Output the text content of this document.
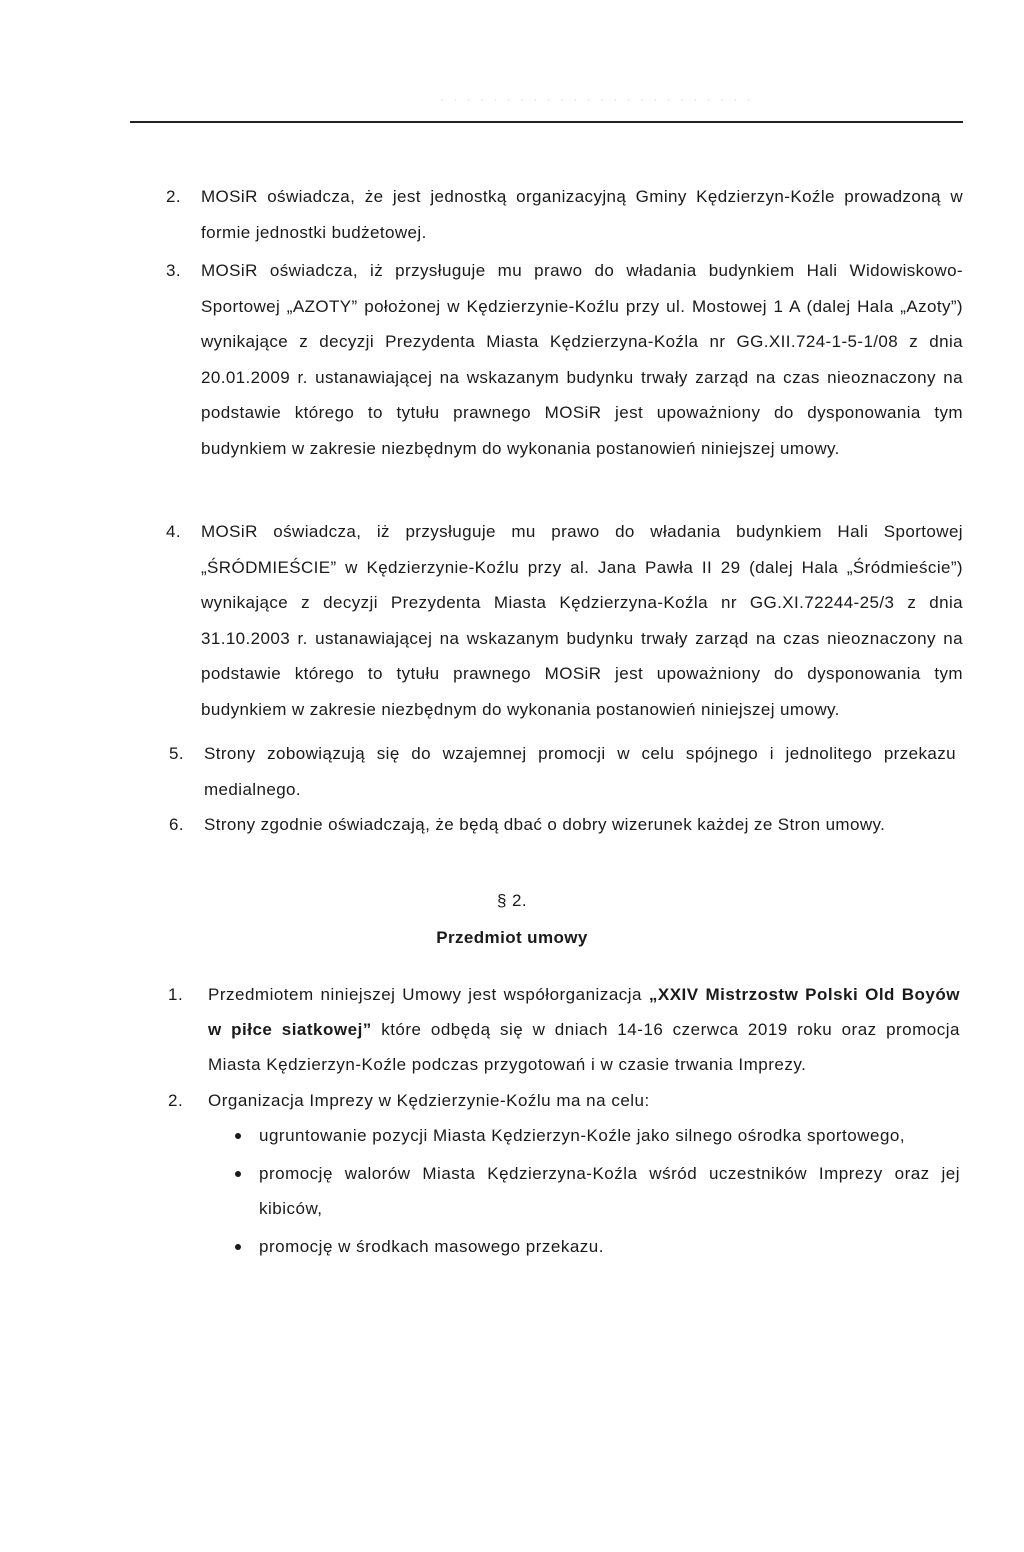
· · · · · · · · · · · · · · · · · · · · · · · ·
2. MOSiR oświadcza, że jest jednostką organizacyjną Gminy Kędzierzyn-Koźle prowadzoną w formie jednostki budżetowej.
3. MOSiR oświadcza, iż przysługuje mu prawo do władania budynkiem Hali Widowiskowo-Sportowej „AZOTY” położonej w Kędzierzynie-Koźlu przy ul. Mostowej 1 A (dalej Hala „Azoty”) wynikające z decyzji Prezydenta Miasta Kędzierzyna-Koźla nr GG.XII.724-1-5-1/08 z dnia 20.01.2009 r. ustanawiającej na wskazanym budynku trwały zarząd na czas nieoznaczony na podstawie którego to tytułu prawnego MOSiR jest upoważniony do dysponowania tym budynkiem w zakresie niezbędnym do wykonania postanowień niniejszej umowy.
4. MOSiR oświadcza, iż przysługuje mu prawo do władania budynkiem Hali Sportowej „ŚRÓDMIEŚCIE” w Kędzierzynie-Koźlu przy al. Jana Pawła II 29 (dalej Hala „Śródmieście”) wynikające z decyzji Prezydenta Miasta Kędzierzyna-Koźla nr GG.XI.72244-25/3 z dnia 31.10.2003 r. ustanawiającej na wskazanym budynku trwały zarząd na czas nieoznaczony na podstawie którego to tytułu prawnego MOSiR jest upoważniony do dysponowania tym budynkiem w zakresie niezbędnym do wykonania postanowień niniejszej umowy.
5. Strony zobowiązują się do wzajemnej promocji w celu spójnego i jednolitego przekazu medialnego.
6. Strony zgodnie oświadczają, że będą dbać o dobry wizerunek każdej ze Stron umowy.
§ 2.
Przedmiot umowy
1. Przedmiotem niniejszej Umowy jest współorganizacja „XXIV Mistrzostw Polski Old Boyów w piłce siatkowej” które odbędą się w dniach 14-16 czerwca 2019 roku oraz promocja Miasta Kędzierzyn-Koźle podczas przygotowań i w czasie trwania Imprezy.
2. Organizacja Imprezy w Kędzierzynie-Koźlu ma na celu:
ugruntowanie pozycji Miasta Kędzierzyn-Koźle jako silnego ośrodka sportowego,
promocję walorów Miasta Kędzierzyna-Koźla wśród uczestników Imprezy oraz jej kibiców,
promocję w środkach masowego przekazu.
